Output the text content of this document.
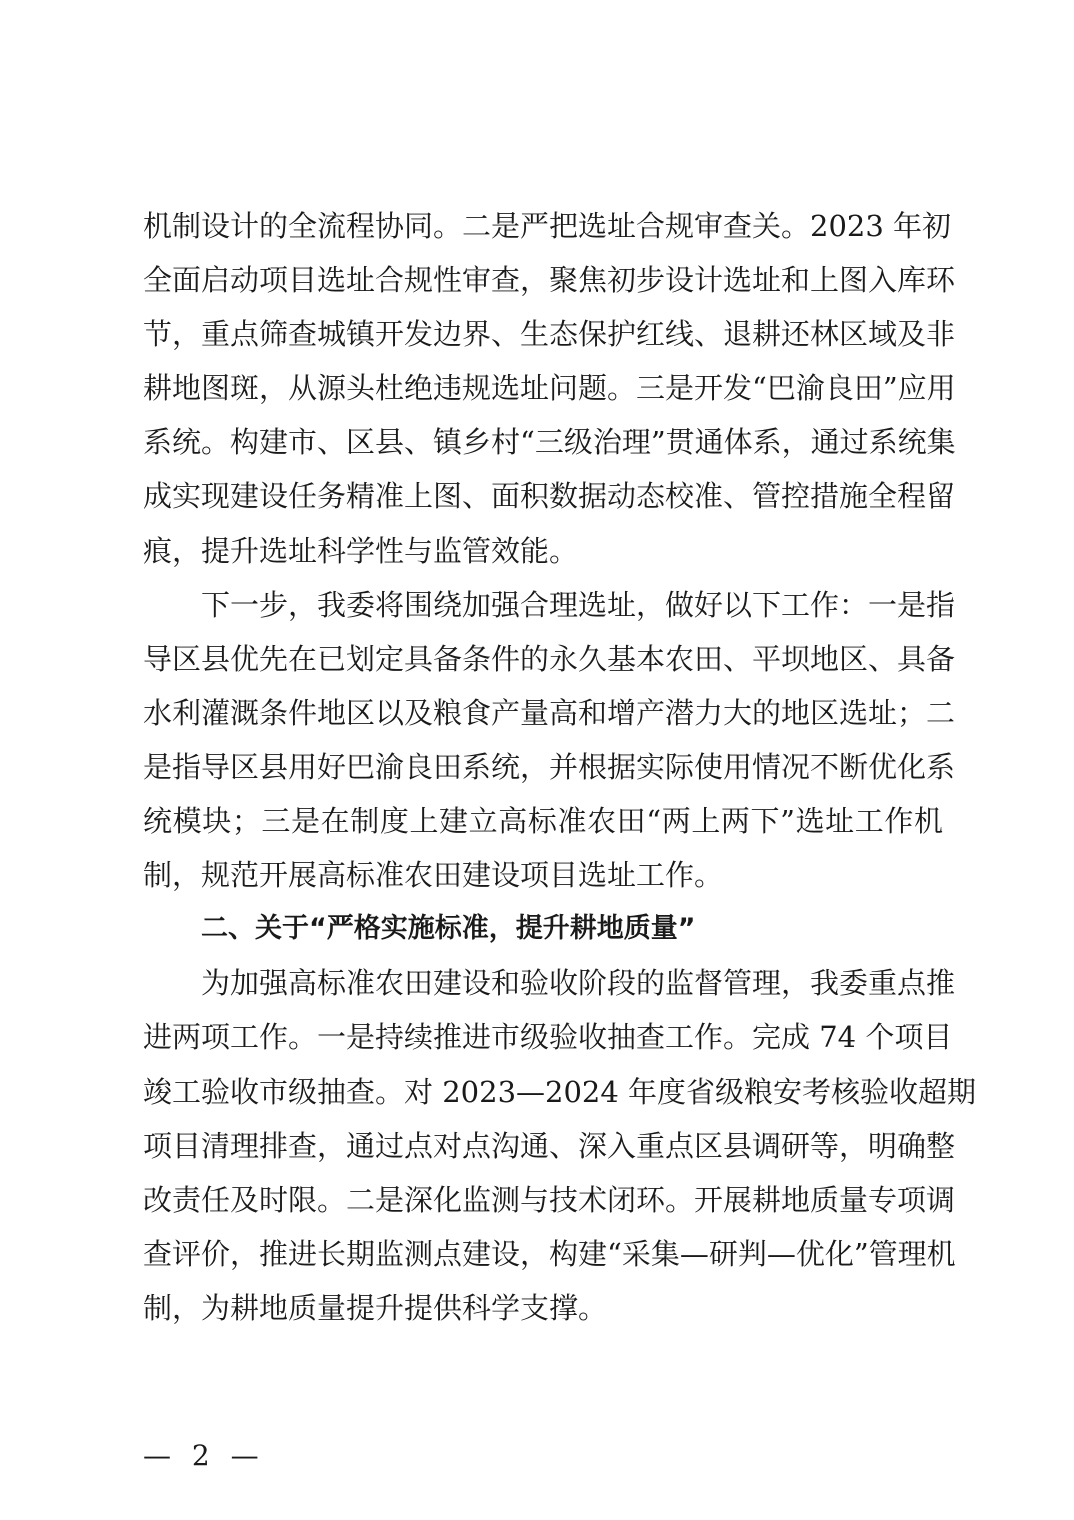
机制设计的全流程协同。二是严把选址合规审查关。2023 年初
全面启动项目选址合规性审查，聚焦初步设计选址和上图入库环
节，重点筛查城镇开发边界、生态保护红线、退耕还林区域及非
耕地图斑，从源头杜绝违规选址问题。三是开发“巴渝良田”应用
系统。构建市、区县、镇乡村“三级治理”贯通体系，通过系统集
成实现建设任务精准上图、面积数据动态校准、管控措施全程留
痕，提升选址科学性与监管效能。
下一步，我委将围绕加强合理选址，做好以下工作：一是指
导区县优先在已划定具备条件的永久基本农田、平坝地区、具备
水利灌溉条件地区以及粮食产量高和增产潜力大的地区选址；二
是指导区县用好巴渝良田系统，并根据实际使用情况不断优化系
统模块；三是在制度上建立高标准农田“两上两下”选址工作机
制，规范开展高标准农田建设项目选址工作。
二、关于“严格实施标准，提升耕地质量”
为加强高标准农田建设和验收阶段的监督管理，我委重点推
进两项工作。一是持续推进市级验收抽查工作。完成 74 个项目
竣工验收市级抽查。对 2023—2024 年度省级粮安考核验收超期
项目清理排查，通过点对点沟通、深入重点区县调研等，明确整
改责任及时限。二是深化监测与技术闭环。开展耕地质量专项调
查评价，推进长期监测点建设，构建“采集—研判—优化”管理机
制，为耕地质量提升提供科学支撑。
— 2 —
